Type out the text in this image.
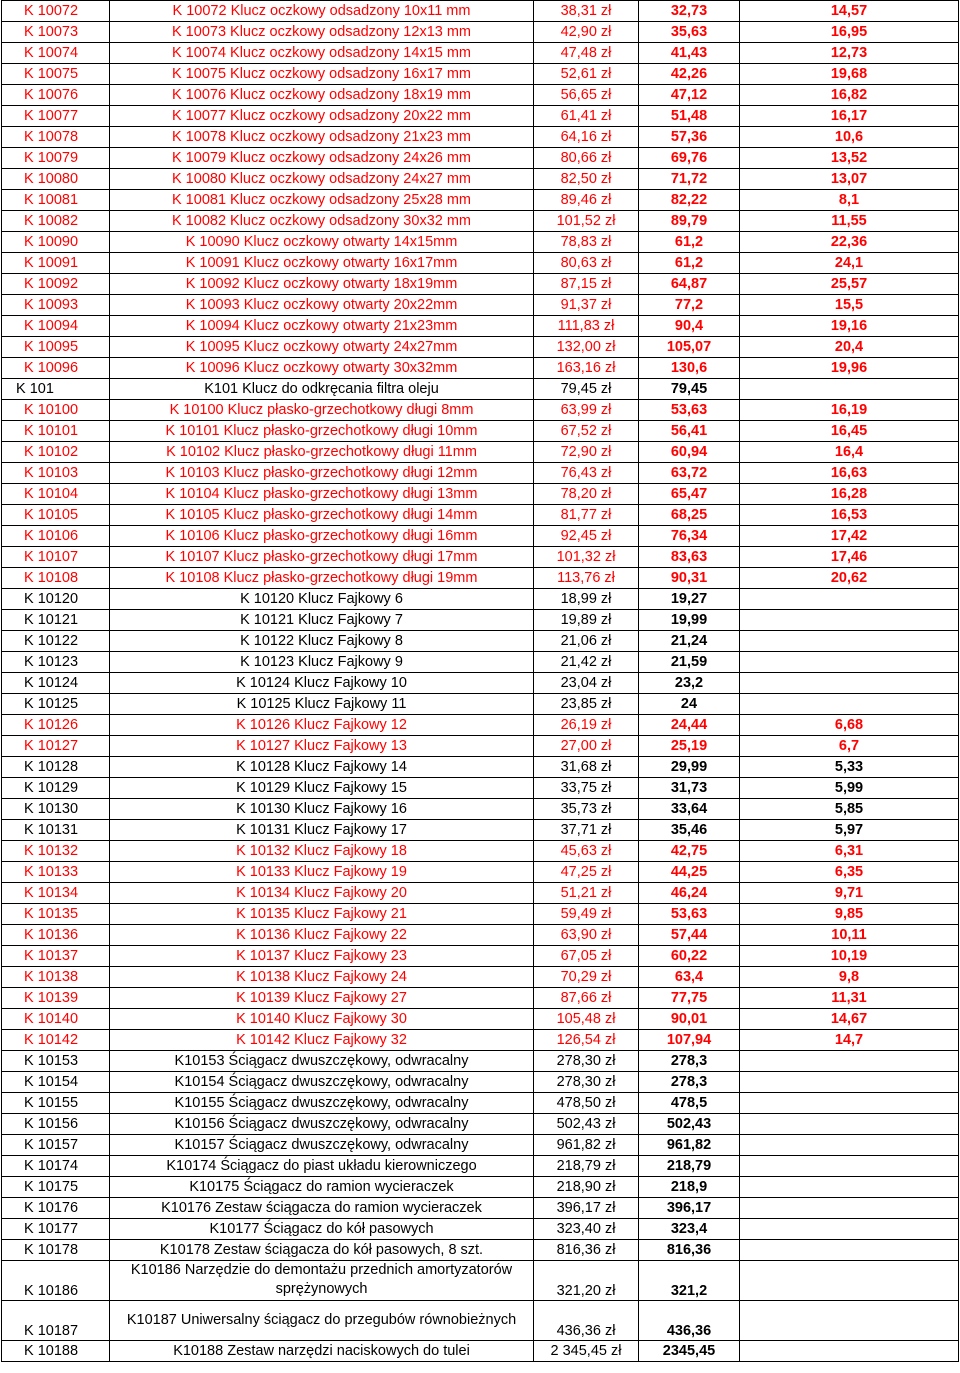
K 10072	K 10072 Klucz oczkowy odsadzony 10x11 mm	38,31 zł	32,73	14,57
K 10073	K 10073 Klucz oczkowy odsadzony 12x13 mm	42,90 zł	35,63	16,95
K 10074	K 10074 Klucz oczkowy odsadzony 14x15 mm	47,48 zł	41,43	12,73
K 10075	K 10075 Klucz oczkowy odsadzony 16x17 mm	52,61 zł	42,26	19,68
K 10076	K 10076 Klucz oczkowy odsadzony 18x19 mm	56,65 zł	47,12	16,82
K 10077	K 10077 Klucz oczkowy odsadzony 20x22 mm	61,41 zł	51,48	16,17
K 10078	K 10078 Klucz oczkowy odsadzony 21x23 mm	64,16 zł	57,36	10,6
K 10079	K 10079 Klucz oczkowy odsadzony 24x26 mm	80,66 zł	69,76	13,52
K 10080	K 10080 Klucz oczkowy odsadzony 24x27 mm	82,50 zł	71,72	13,07
K 10081	K 10081 Klucz oczkowy odsadzony 25x28 mm	89,46 zł	82,22	8,1
K 10082	K 10082 Klucz oczkowy odsadzony 30x32 mm	101,52 zł	89,79	11,55
K 10090	K 10090 Klucz oczkowy otwarty 14x15mm	78,83 zł	61,2	22,36
K 10091	K 10091 Klucz oczkowy otwarty 16x17mm	80,63 zł	61,2	24,1
K 10092	K 10092 Klucz oczkowy otwarty 18x19mm	87,15 zł	64,87	25,57
K 10093	K 10093 Klucz oczkowy otwarty 20x22mm	91,37 zł	77,2	15,5
K 10094	K 10094 Klucz oczkowy otwarty 21x23mm	111,83 zł	90,4	19,16
K 10095	K 10095 Klucz oczkowy otwarty 24x27mm	132,00 zł	105,07	20,4
K 10096	K 10096 Klucz oczkowy otwarty 30x32mm	163,16 zł	130,6	19,96
K 101	K101 Klucz do odkręcania filtra oleju	79,45 zł	79,45	
K 10100	K 10100 Klucz płasko-grzechotkowy długi 8mm	63,99 zł	53,63	16,19
K 10101	K 10101 Klucz płasko-grzechotkowy długi 10mm	67,52 zł	56,41	16,45
K 10102	K 10102 Klucz płasko-grzechotkowy długi 11mm	72,90 zł	60,94	16,4
K 10103	K 10103 Klucz płasko-grzechotkowy długi 12mm	76,43 zł	63,72	16,63
K 10104	K 10104 Klucz płasko-grzechotkowy długi 13mm	78,20 zł	65,47	16,28
K 10105	K 10105 Klucz płasko-grzechotkowy długi 14mm	81,77 zł	68,25	16,53
K 10106	K 10106 Klucz płasko-grzechotkowy długi 16mm	92,45 zł	76,34	17,42
K 10107	K 10107 Klucz płasko-grzechotkowy długi 17mm	101,32 zł	83,63	17,46
K 10108	K 10108 Klucz płasko-grzechotkowy długi 19mm	113,76 zł	90,31	20,62
K 10120	K 10120 Klucz Fajkowy 6	18,99 zł	19,27	
K 10121	K 10121 Klucz Fajkowy 7	19,89 zł	19,99	
K 10122	K 10122 Klucz Fajkowy 8	21,06 zł	21,24	
K 10123	K 10123 Klucz Fajkowy 9	21,42 zł	21,59	
K 10124	K 10124 Klucz Fajkowy 10	23,04 zł	23,2	
K 10125	K 10125 Klucz Fajkowy 11	23,85 zł	24	
K 10126	K 10126 Klucz Fajkowy 12	26,19 zł	24,44	6,68
K 10127	K 10127 Klucz Fajkowy 13	27,00 zł	25,19	6,7
K 10128	K 10128 Klucz Fajkowy 14	31,68 zł	29,99	5,33
K 10129	K 10129 Klucz Fajkowy 15	33,75 zł	31,73	5,99
K 10130	K 10130 Klucz Fajkowy 16	35,73 zł	33,64	5,85
K 10131	K 10131 Klucz Fajkowy 17	37,71 zł	35,46	5,97
K 10132	K 10132 Klucz Fajkowy 18	45,63 zł	42,75	6,31
K 10133	K 10133 Klucz Fajkowy 19	47,25 zł	44,25	6,35
K 10134	K 10134 Klucz Fajkowy 20	51,21 zł	46,24	9,71
K 10135	K 10135 Klucz Fajkowy 21	59,49 zł	53,63	9,85
K 10136	K 10136 Klucz Fajkowy 22	63,90 zł	57,44	10,11
K 10137	K 10137 Klucz Fajkowy 23	67,05 zł	60,22	10,19
K 10138	K 10138 Klucz Fajkowy 24	70,29 zł	63,4	9,8
K 10139	K 10139 Klucz Fajkowy 27	87,66 zł	77,75	11,31
K 10140	K 10140 Klucz Fajkowy 30	105,48 zł	90,01	14,67
K 10142	K 10142 Klucz Fajkowy 32	126,54 zł	107,94	14,7
K 10153	K10153 Ściągacz dwuszczękowy, odwracalny	278,30 zł	278,3	
K 10154	K10154 Ściągacz dwuszczękowy, odwracalny	278,30 zł	278,3	
K 10155	K10155 Ściągacz dwuszczękowy, odwracalny	478,50 zł	478,5	
K 10156	K10156 Ściągacz dwuszczękowy, odwracalny	502,43 zł	502,43	
K 10157	K10157 Ściągacz dwuszczękowy, odwracalny	961,82 zł	961,82	
K 10174	K10174 Ściągacz do piast układu kierowniczego	218,79 zł	218,79	
K 10175	K10175 Ściągacz do ramion wycieraczek	218,90 zł	218,9	
K 10176	K10176 Zestaw ściągacza do ramion wycieraczek	396,17 zł	396,17	
K 10177	K10177 Ściągacz do kół pasowych	323,40 zł	323,4	
K 10178	K10178 Zestaw ściągacza do kół pasowych, 8 szt.	816,36 zł	816,36	
K 10186	K10186 Narzędzie do demontażu przednich amortyzatorów sprężynowych	321,20 zł	321,2	
K 10187	K10187 Uniwersalny ściągacz do przegubów równobieżnych	436,36 zł	436,36	
K 10188	K10188 Zestaw narzędzi naciskowych do tulei	2 345,45 zł	2345,45	
